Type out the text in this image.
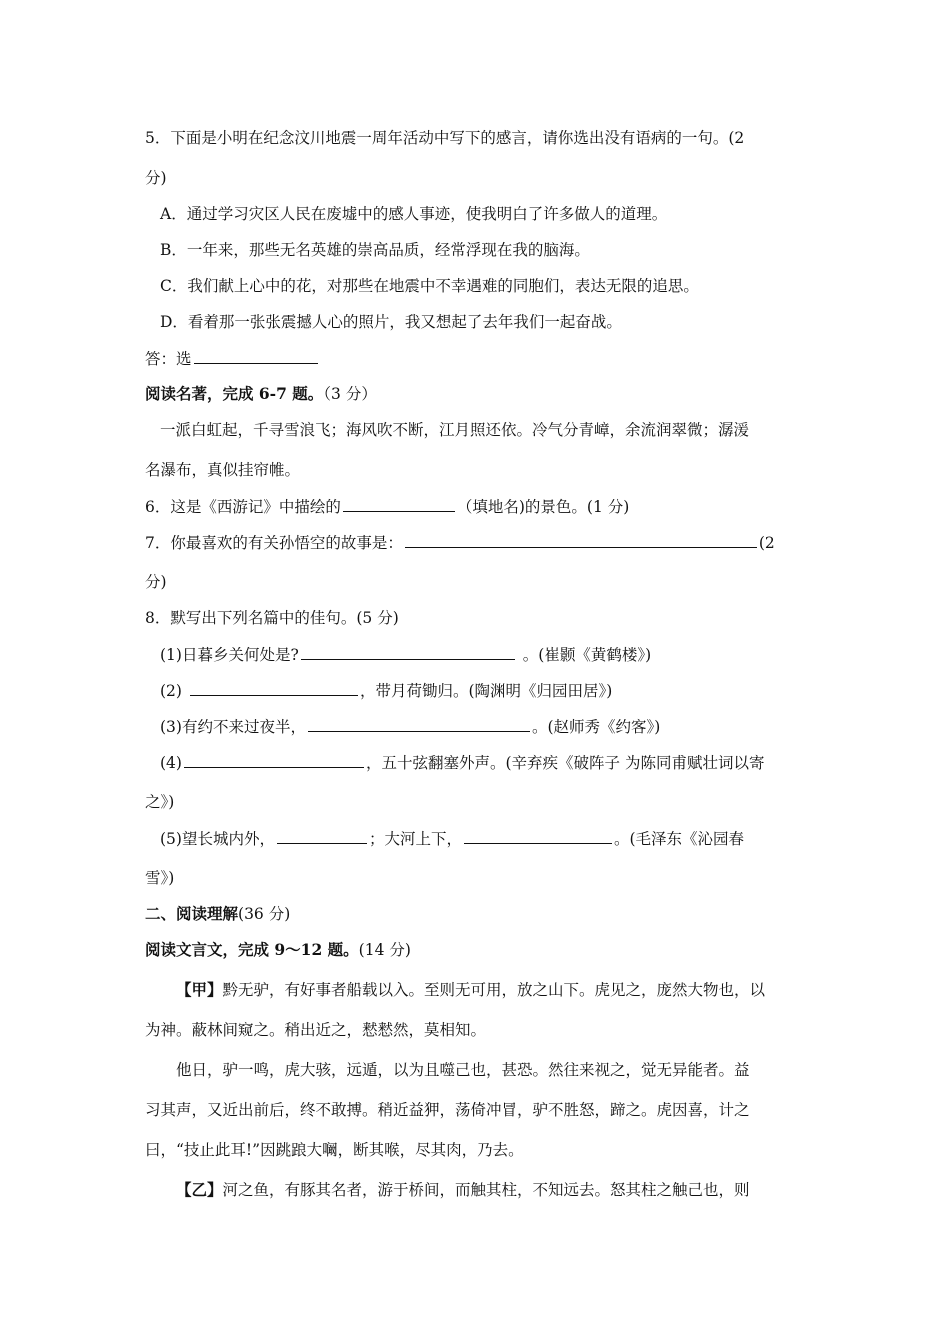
5．下面是小明在纪念汶川地震一周年活动中写下的感言，请你选出没有语病的一句。(2
分)
A．通过学习灾区人民在废墟中的感人事迹，使我明白了许多做人的道理。
B．一年来，那些无名英雄的崇高品质，经常浮现在我的脑海。
C．我们献上心中的花，对那些在地震中不幸遇难的同胞们，表达无限的追思。
D．看着那一张张震撼人心的照片，我又想起了去年我们一起奋战。
答：选
阅读名著，完成 6-7 题。（3 分）
一派白虹起，千寻雪浪飞；海风吹不断，江月照还依。冷气分青嶂，余流润翠微；潺湲
名瀑布，真似挂帘帷。
6．这是《西游记》中描绘的	（填地名)的景色。(1 分)
7．你最喜欢的有关孙悟空的故事是：	(2
分)
8．默写出下列名篇中的佳句。(5 分)
(1)日暮乡关何处是?	。(崔颢《黄鹤楼》)
(2)	，带月荷锄归。(陶渊明《归园田居》)
(3)有约不来过夜半，	。(赵师秀《约客》)
(4)	，五十弦翻塞外声。(辛弃疾《破阵子 为陈同甫赋壮词以寄
之》)
(5)望长城内外，	；大河上下，	。(毛泽东《沁园春
雪》)
二、阅读理解(36 分)
阅读文言文，完成 9～12 题。(14 分)
【甲】黔无驴，有好事者船载以入。至则无可用，放之山下。虎见之，庞然大物也，以
为神。蔽林间窥之。稍出近之，慭慭然，莫相知。
他日，驴一鸣，虎大骇，远遁，以为且噬己也，甚恐。然往来视之，觉无异能者。益
习其声，又近出前后，终不敢搏。稍近益狎，荡倚冲冒，驴不胜怒，蹄之。虎因喜，计之
曰，“技止此耳!”因跳踉大㘎，断其喉，尽其肉，乃去。
【乙】河之鱼，有豚其名者，游于桥间，而触其柱，不知远去。怒其柱之触己也，则
